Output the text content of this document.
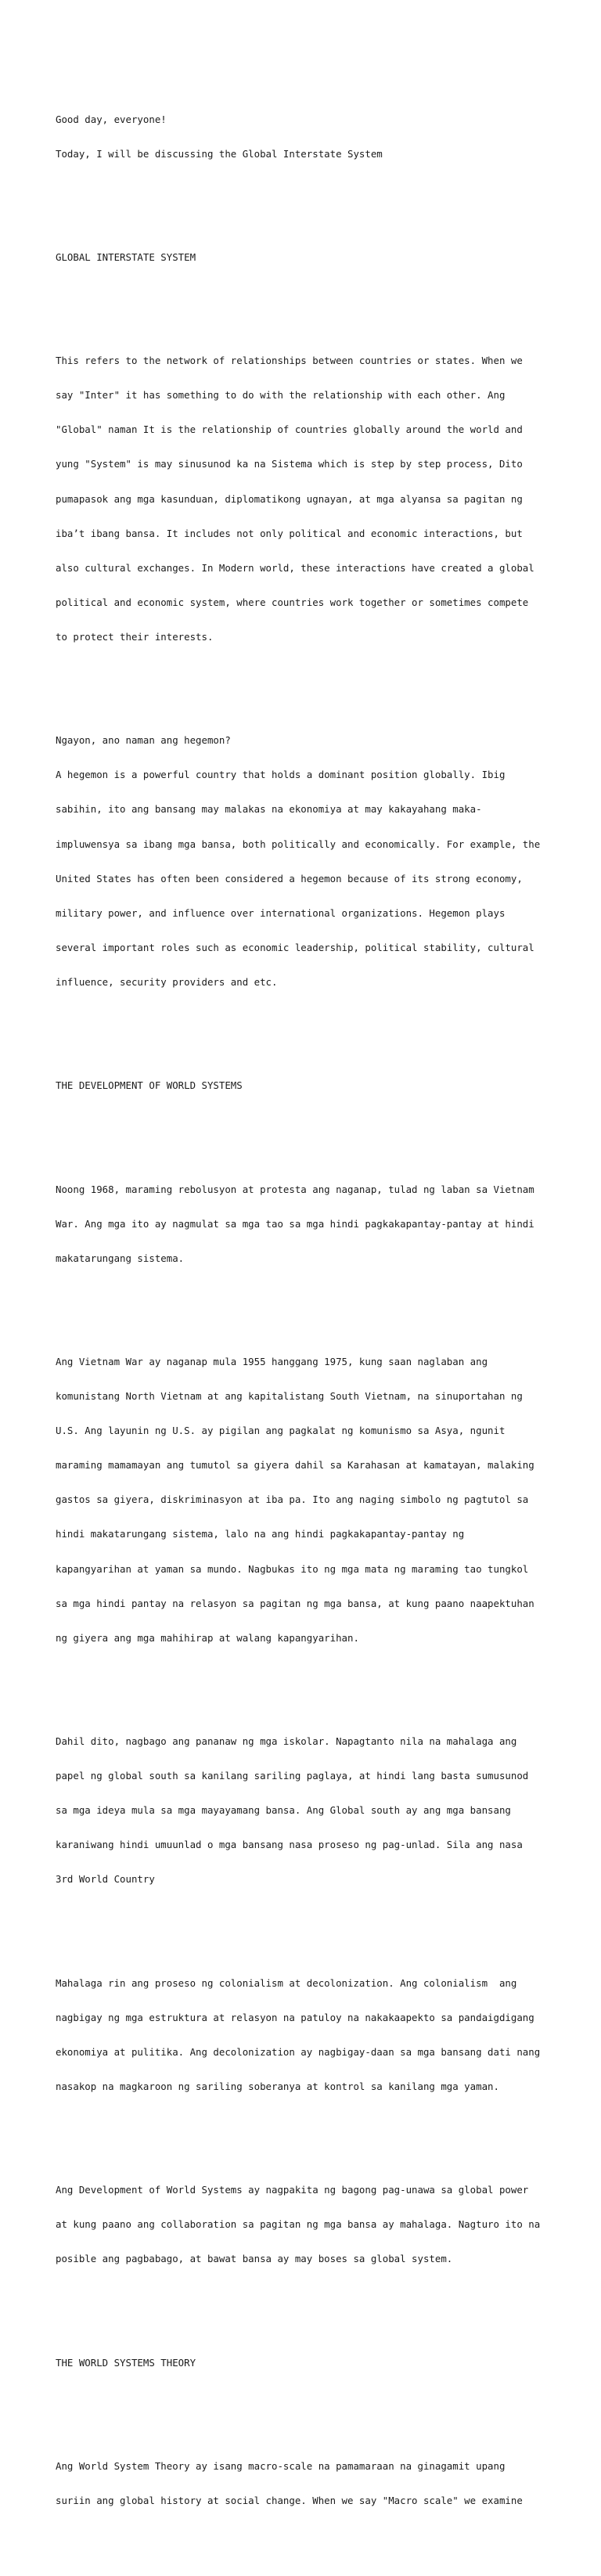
Good day, everyone!

Today, I will be discussing the Global Interstate System

GLOBAL INTERSTATE SYSTEM

This refers to the network of relationships between countries or states. When we

say "Inter" it has something to do with the relationship with each other. Ang

"Global" naman It is the relationship of countries globally around the world and

yung "System" is may sinusunod ka na Sistema which is step by step process, Dito

pumapasok ang mga kasunduan, diplomatikong ugnayan, at mga alyansa sa pagitan ng

iba’t ibang bansa. It includes not only political and economic interactions, but

also cultural exchanges. In Modern world, these interactions have created a global

political and economic system, where countries work together or sometimes compete

to protect their interests.

Ngayon, ano naman ang hegemon?

A hegemon is a powerful country that holds a dominant position globally. Ibig

sabihin, ito ang bansang may malakas na ekonomiya at may kakayahang maka-

impluwensya sa ibang mga bansa, both politically and economically. For example, the

United States has often been considered a hegemon because of its strong economy,

military power, and influence over international organizations. Hegemon plays

several important roles such as economic leadership, political stability, cultural

influence, security providers and etc.

THE DEVELOPMENT OF WORLD SYSTEMS

Noong 1968, maraming rebolusyon at protesta ang naganap, tulad ng laban sa Vietnam

War. Ang mga ito ay nagmulat sa mga tao sa mga hindi pagkakapantay-pantay at hindi

makatarungang sistema.

Ang Vietnam War ay naganap mula 1955 hanggang 1975, kung saan naglaban ang

komunistang North Vietnam at ang kapitalistang South Vietnam, na sinuportahan ng

U.S. Ang layunin ng U.S. ay pigilan ang pagkalat ng komunismo sa Asya, ngunit

maraming mamamayan ang tumutol sa giyera dahil sa Karahasan at kamatayan, malaking

gastos sa giyera, diskriminasyon at iba pa. Ito ang naging simbolo ng pagtutol sa

hindi makatarungang sistema, lalo na ang hindi pagkakapantay-pantay ng

kapangyarihan at yaman sa mundo. Nagbukas ito ng mga mata ng maraming tao tungkol

sa mga hindi pantay na relasyon sa pagitan ng mga bansa, at kung paano naapektuhan

ng giyera ang mga mahihirap at walang kapangyarihan.

Dahil dito, nagbago ang pananaw ng mga iskolar. Napagtanto nila na mahalaga ang

papel ng global south sa kanilang sariling paglaya, at hindi lang basta sumusunod

sa mga ideya mula sa mga mayayamang bansa. Ang Global south ay ang mga bansang

karaniwang hindi umuunlad o mga bansang nasa proseso ng pag-unlad. Sila ang nasa

3rd World Country

Mahalaga rin ang proseso ng colonialism at decolonization. Ang colonialism  ang

nagbigay ng mga estruktura at relasyon na patuloy na nakakaapekto sa pandaigdigang

ekonomiya at pulitika. Ang decolonization ay nagbigay-daan sa mga bansang dati nang

nasakop na magkaroon ng sariling soberanya at kontrol sa kanilang mga yaman.

Ang Development of World Systems ay nagpakita ng bagong pag-unawa sa global power

at kung paano ang collaboration sa pagitan ng mga bansa ay mahalaga. Nagturo ito na

posible ang pagbabago, at bawat bansa ay may boses sa global system.

THE WORLD SYSTEMS THEORY

Ang World System Theory ay isang macro-scale na pamamaraan na ginagamit upang

suriin ang global history at social change. When we say "Macro scale" we examine
